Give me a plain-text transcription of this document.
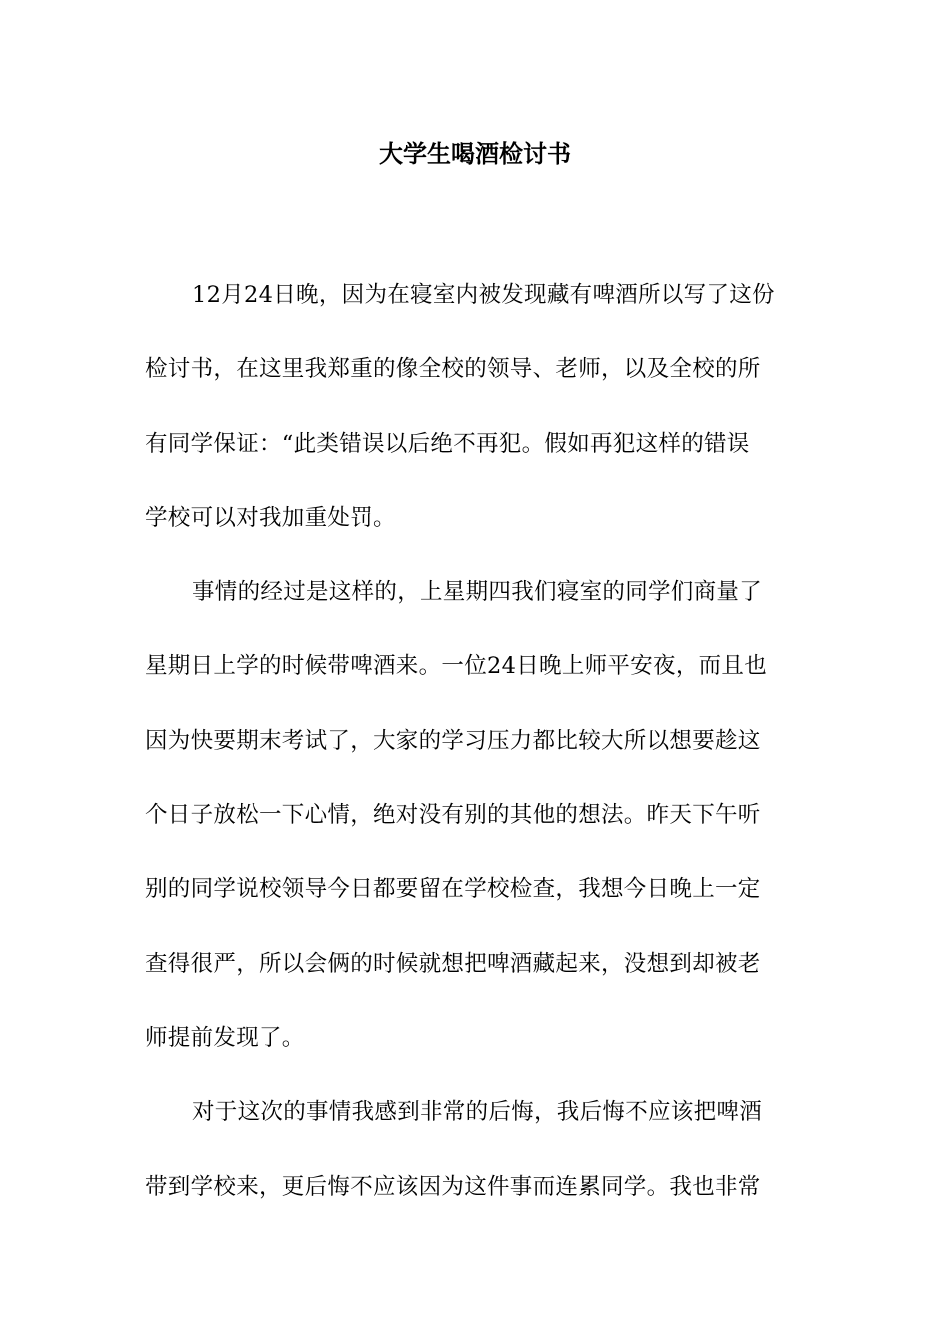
大学生喝酒检讨书

12月24日晚，因为在寝室内被发现藏有啤酒所以写了这份
检讨书，在这里我郑重的像全校的领导、老师，以及全校的所
有同学保证：“此类错误以后绝不再犯。假如再犯这样的错误
学校可以对我加重处罚。

事情的经过是这样的，上星期四我们寝室的同学们商量了
星期日上学的时候带啤酒来。一位24日晚上师平安夜，而且也
因为快要期末考试了，大家的学习压力都比较大所以想要趁这
个日子放松一下心情，绝对没有别的其他的想法。昨天下午听
别的同学说校领导今日都要留在学校检查，我想今日晚上一定
查得很严，所以会俩的时候就想把啤酒藏起来，没想到却被老
师提前发现了。

对于这次的事情我感到非常的后悔，我后悔不应该把啤酒
带到学校来，更后悔不应该因为这件事而连累同学。我也非常
